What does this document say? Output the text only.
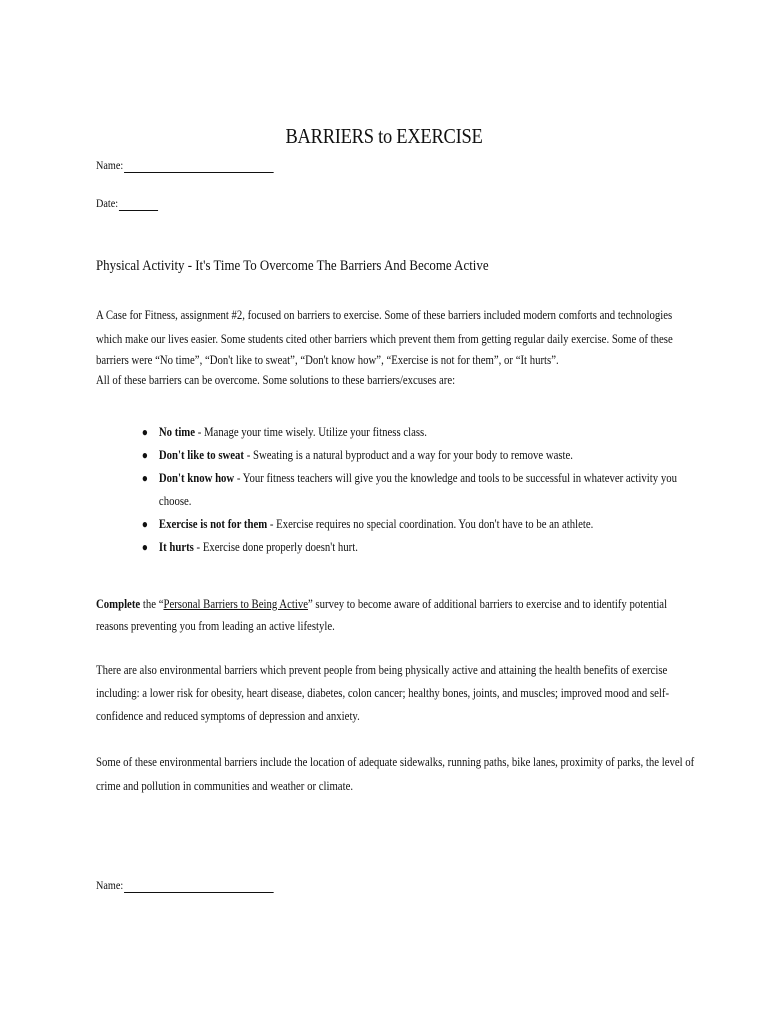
BARRIERS to EXERCISE
Name:
Date:
Physical Activity - It's Time To Overcome The Barriers And Become Active
A Case for Fitness, assignment #2, focused on barriers to exercise. Some of these barriers included modern comforts and technologies
which make our lives easier. Some students cited other barriers which prevent them from getting regular daily exercise. Some of these
barriers were “No time”, “Don't like to sweat”, “Don't know how”, “Exercise is not for them”, or “It hurts”.
All of these barriers can be overcome. Some solutions to these barriers/excuses are:
● No time - Manage your time wisely. Utilize your fitness class.
● Don't like to sweat - Sweating is a natural byproduct and a way for your body to remove waste.
● Don't know how - Your fitness teachers will give you the knowledge and tools to be successful in whatever activity you
choose.
● Exercise is not for them - Exercise requires no special coordination. You don't have to be an athlete.
● It hurts - Exercise done properly doesn't hurt.
Complete the “Personal Barriers to Being Active” survey to become aware of additional barriers to exercise and to identify potential
reasons preventing you from leading an active lifestyle.
There are also environmental barriers which prevent people from being physically active and attaining the health benefits of exercise
including: a lower risk for obesity, heart disease, diabetes, colon cancer; healthy bones, joints, and muscles; improved mood and self-
confidence and reduced symptoms of depression and anxiety.
Some of these environmental barriers include the location of adequate sidewalks, running paths, bike lanes, proximity of parks, the level of
crime and pollution in communities and weather or climate.
Name:
